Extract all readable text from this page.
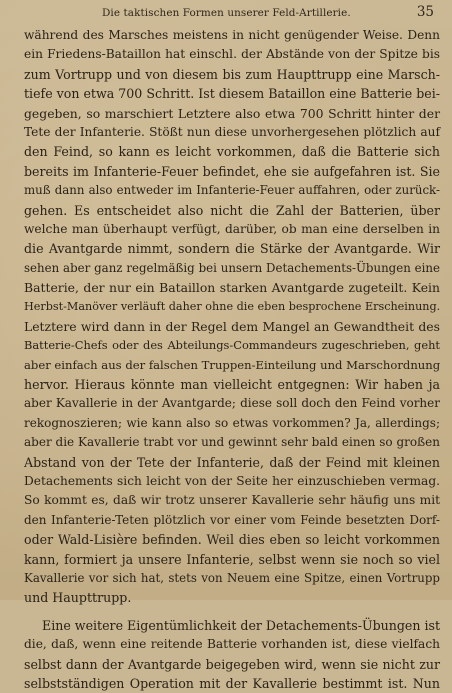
Die taktischen Formen unserer Feld-Artillerie.	35
während des Marsches meistens in nicht genügender Weise. Denn
ein Friedens-Bataillon hat einschl. der Abstände von der Spitze bis
zum Vortrupp und von diesem bis zum Haupttrupp eine Marsch-
tiefe von etwa 700 Schritt. Ist diesem Bataillon eine Batterie bei-
gegeben, so marschiert Letztere also etwa 700 Schritt hinter der
Tete der Infanterie. Stößt nun diese unvorhergesehen plötzlich auf
den Feind, so kann es leicht vorkommen, daß die Batterie sich
bereits im Infanterie-Feuer befindet, ehe sie aufgefahren ist. Sie
muß dann also entweder im Infanterie-Feuer auffahren, oder zurück-
gehen. Es entscheidet also nicht die Zahl der Batterien, über
welche man überhaupt verfügt, darüber, ob man eine derselben in
die Avantgarde nimmt, sondern die Stärke der Avantgarde. Wir
sehen aber ganz regelmäßig bei unsern Detachements-Übungen eine
Batterie, der nur ein Bataillon starken Avantgarde zugeteilt. Kein
Herbst-Manöver verläuft daher ohne die eben besprochene Erscheinung.
Letztere wird dann in der Regel dem Mangel an Gewandtheit des
Batterie-Chefs oder des Abteilungs-Commandeurs zugeschrieben, geht
aber einfach aus der falschen Truppen-Einteilung und Marschordnung
hervor. Hieraus könnte man vielleicht entgegnen: Wir haben ja
aber Kavallerie in der Avantgarde; diese soll doch den Feind vorher
rekognoszieren; wie kann also so etwas vorkommen? Ja, allerdings;
aber die Kavallerie trabt vor und gewinnt sehr bald einen so großen
Abstand von der Tete der Infanterie, daß der Feind mit kleinen
Detachements sich leicht von der Seite her einzuschieben vermag.
So kommt es, daß wir trotz unserer Kavallerie sehr häufig uns mit
den Infanterie-Teten plötzlich vor einer vom Feinde besetzten Dorf-
oder Wald-Lisière befinden. Weil dies eben so leicht vorkommen
kann, formiert ja unsere Infanterie, selbst wenn sie noch so viel
Kavallerie vor sich hat, stets von Neuem eine Spitze, einen Vortrupp
und Haupttrupp.
Eine weitere Eigentümlichkeit der Detachements-Übungen ist
die, daß, wenn eine reitende Batterie vorhanden ist, diese vielfach
selbst dann der Avantgarde beigegeben wird, wenn sie nicht zur
selbstständigen Operation mit der Kavallerie bestimmt ist. Nun
